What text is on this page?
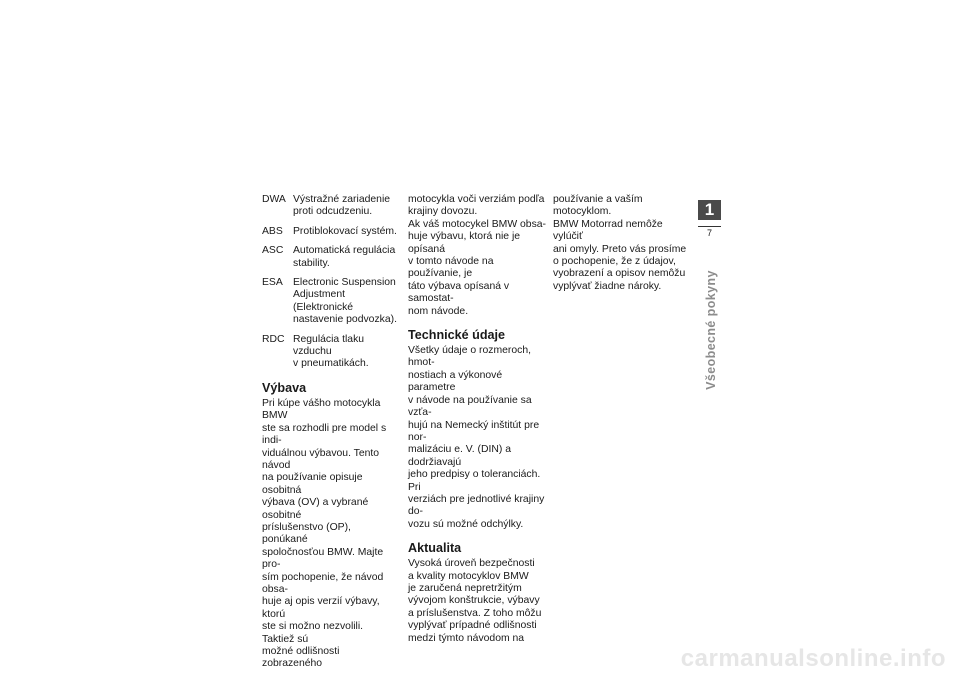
DWA Výstražné zariadenie
proti odcudzeniu.
ABS Protiblokovací systém.
ASC Automatická regulácia
stability.
ESA Electronic Suspension
Adjustment (Elektronické
nastavenie podvozka).
RDC Regulácia tlaku vzduchu
v pneumatikách.
Výbava
Pri kúpe vášho motocykla BMW
ste sa rozhodli pre model s indi-
viduálnou výbavou. Tento návod
na používanie opisuje osobitná
výbava (OV) a vybrané osobitné
príslušenstvo (OP), ponúkané
spoločnosťou BMW. Majte pro-
sím pochopenie, že návod obsa-
huje aj opis verzií výbavy, ktorú
ste si možno nezvolili. Taktiež sú
možné odlišnosti zobrazeného
motocykla voči verziám podľa
krajiny dovozu.
Ak váš motocykel BMW obsa-
huje výbavu, ktorá nie je opísaná
v tomto návode na používanie, je
táto výbava opísaná v samostat-
nom návode.
Technické údaje
Všetky údaje o rozmeroch, hmot-
nostiach a výkonové parametre
v návode na používanie sa vzťa-
hujú na Nemecký inštitút pre nor-
malizáciu e. V. (DIN) a dodržiavajú
jeho predpisy o toleranciách. Pri
verziách pre jednotlivé krajiny do-
vozu sú možné odchýlky.
Aktualita
Vysoká úroveň bezpečnosti
a kvality motocyklov BMW
je zaručená nepretržitým
vývojom konštrukcie, výbavy
a príslušenstva. Z toho môžu
vyplývať prípadné odlišnosti
medzi týmto návodom na
používanie a vaším motocyklom.
BMW Motorrad nemôže vylúčiť
ani omyly. Preto vás prosíme
o pochopenie, že z údajov,
vyobrazení a opisov nemôžu
vyplývať žiadne nároky.
1
7
Všeobecné pokyny
carmanualsonline.info
